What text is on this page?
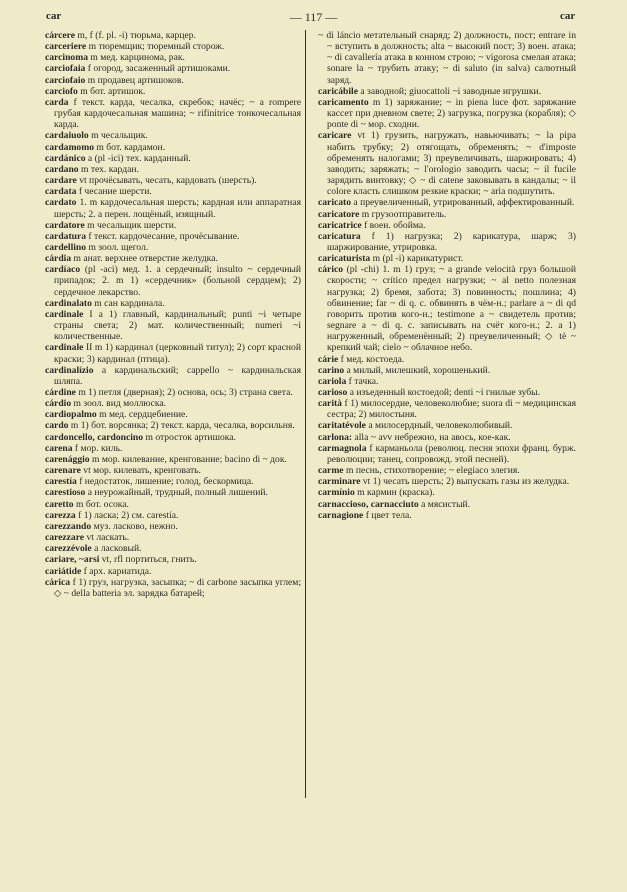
car	— 117 —	car

cárcere m, f (f. pl. -i) тюрьма, карцер.

carceriere m тюремщик; тюремный сторож.

carcinoma m мед. карцинома, рак.

carciofaia f огород, засаженный артишоками.

carciofaio m продавец артишоков.

carciofo m бот. артишок.

carda f текст. карда, чесалка, скребок; начёс; ~ a rompere грубая кардочесальная машина; ~ rifinitrice тонкочесальная карда.

cardaiuolo m чесальщик.

cardamomo m бот. кардамон.

cardánico a (pl -ici) тех. карданный.

cardano m тех. кардан.

cardare vt прочёсывать, чесать, кардовать (шерсть).

cardata f чесание шерсти.

cardato 1. m кардочесальная шерсть; кардная или аппаратная шерсть; 2. a перен. лощёный, изящный.

cardatore m чесальщик шерсти.

cardatura f текст. кардочесание, прочёсывание.

cardellino m зоол. щегол.

cárdia m анат. верхнее отверстие желудка.

cardíaco (pl -aci) мед. 1. a сердечный; insulto ~ сердечный припадок; 2. m 1) «сердечник» (больной сердцем); 2) сердечное лекарство.

cardinalato m сан кардинала.

cardinale I a 1) главный, кардинальный; punti ~i четыре страны света; 2) мат. количественный; numeri ~i количественные.

cardinale II m 1) кардинал (церковный титул); 2) сорт красной краски; 3) кардинал (птица).

cardinalízio a кардинальский; cappello ~ кардинальская шляпа.

cárdine m 1) петля (дверная); 2) основа, ось; 3) страна света.

cárdio m зоол. вид моллюска.

cardiopalmo m мед. сердцебиение.

cardo m 1) бот. ворсянка; 2) текст. карда, чесалка, ворсильня.

cardoncello, cardoncino m отросток артишока.

carena f мор. киль.

carenággio m мор. килевание, кренгование; bacino di ~ док.

carenare vt мор. килевать, кренговать.

carestía f недостаток, лишение; голод, бескормица.

carestioso a неурожайный, трудный, полный лишений.

caretto m бот. осока.

carezza f 1) ласка; 2) см. carestía.

carezzando муз. ласково, нежно.

carezzare vt ласкать.

carezzévole a ласковый.

cariare, ~arsi vt, rfl портиться, гнить.

cariátide f арх. кариатида.

cárica f 1) груз, нагрузка, засыпка; ~ di carbone засыпка углем; ◇ ~ della batteria эл. зарядка батарей;

~ di láncio метательный снаряд; 2) должность, пост; entrare in ~ вступить в должность; alta ~ высокий пост; 3) воен. атака; ~ di cavallería атака в конном строю; ~ vigorosa смелая атака; sonare la ~ трубить атаку; ~ di saluto (in salva) салютный заряд.

caricábile a заводной; giuocattoli ~i заводные игрушки.

caricamento m 1) заряжание; ~ in piena luce фот. заряжание кассет при дневном свете; 2) загрузка, погрузка (корабля); ◇ ponte di ~ мор. сходни.

caricare vt 1) грузить, нагружать, навьючивать; ~ la pipa набить трубку; 2) отягощать, обременять; ~ d'imposte обременять налогами; 3) преувеличивать, шаржировать; 4) заводить; заряжать; ~ l'orologio заводить часы; ~ il fucile зарядить винтовку; ◇ ~ di catene заковывать в кандалы; ~ il colore класть слишком резкие краски; ~ aria подшутить.

caricato a преувеличенный, утрированный, аффектированный.

caricatore m грузоотправитель.

caricatrice f воен. обойма.

caricatura f 1) нагрузка; 2) карикатура, шарж; 3) шаржирование, утрировка.

caricaturista m (pl -i) карикатурист.

cárico (pl -chi) 1. m 1) груз; ~ a grande velocità груз большой скорости; ~ crítico предел нагрузки; ~ al netto полезная нагрузка; 2) бремя, забота; 3) повинность; пошлина; 4) обвинение; far ~ di q. c. обвинять в чём-н.; parlare a ~ di qd говорить против кого-н.; testimone a ~ свидетель против; segnare a ~ di q. c. записывать на счёт кого-н.; 2. a 1) нагруженный, обременённый; 2) преувеличенный; ◇ tè ~ крепкий чай; cielo ~ облачное небо.

cárie f мед. костоеда.

carino a милый, милешкий, хорошенький.

cariola f тачка.

carioso a изъеденный костоедой; denti ~i гнилые зубы.

carità f 1) милосердие, человеколюбие; suora di ~ медицинская сестра; 2) милостыня.

caritatévole a милосердный, человеколюбивый.

carlona: alla ~ avv небрежно, на авось, кое-как.

carmagnola f карманьола (революц. песня эпохи франц. бурж. революции; танец, сопровожд. этой песней).

carme m песнь, стихотворение; ~ elegíaco элегия.

carminare vt 1) чесать шерсть; 2) выпускать газы из желудка.

carmínio m кармин (краска).

carnaccioso, carnacciuto a мясистый.

carnagione f цвет тела.
